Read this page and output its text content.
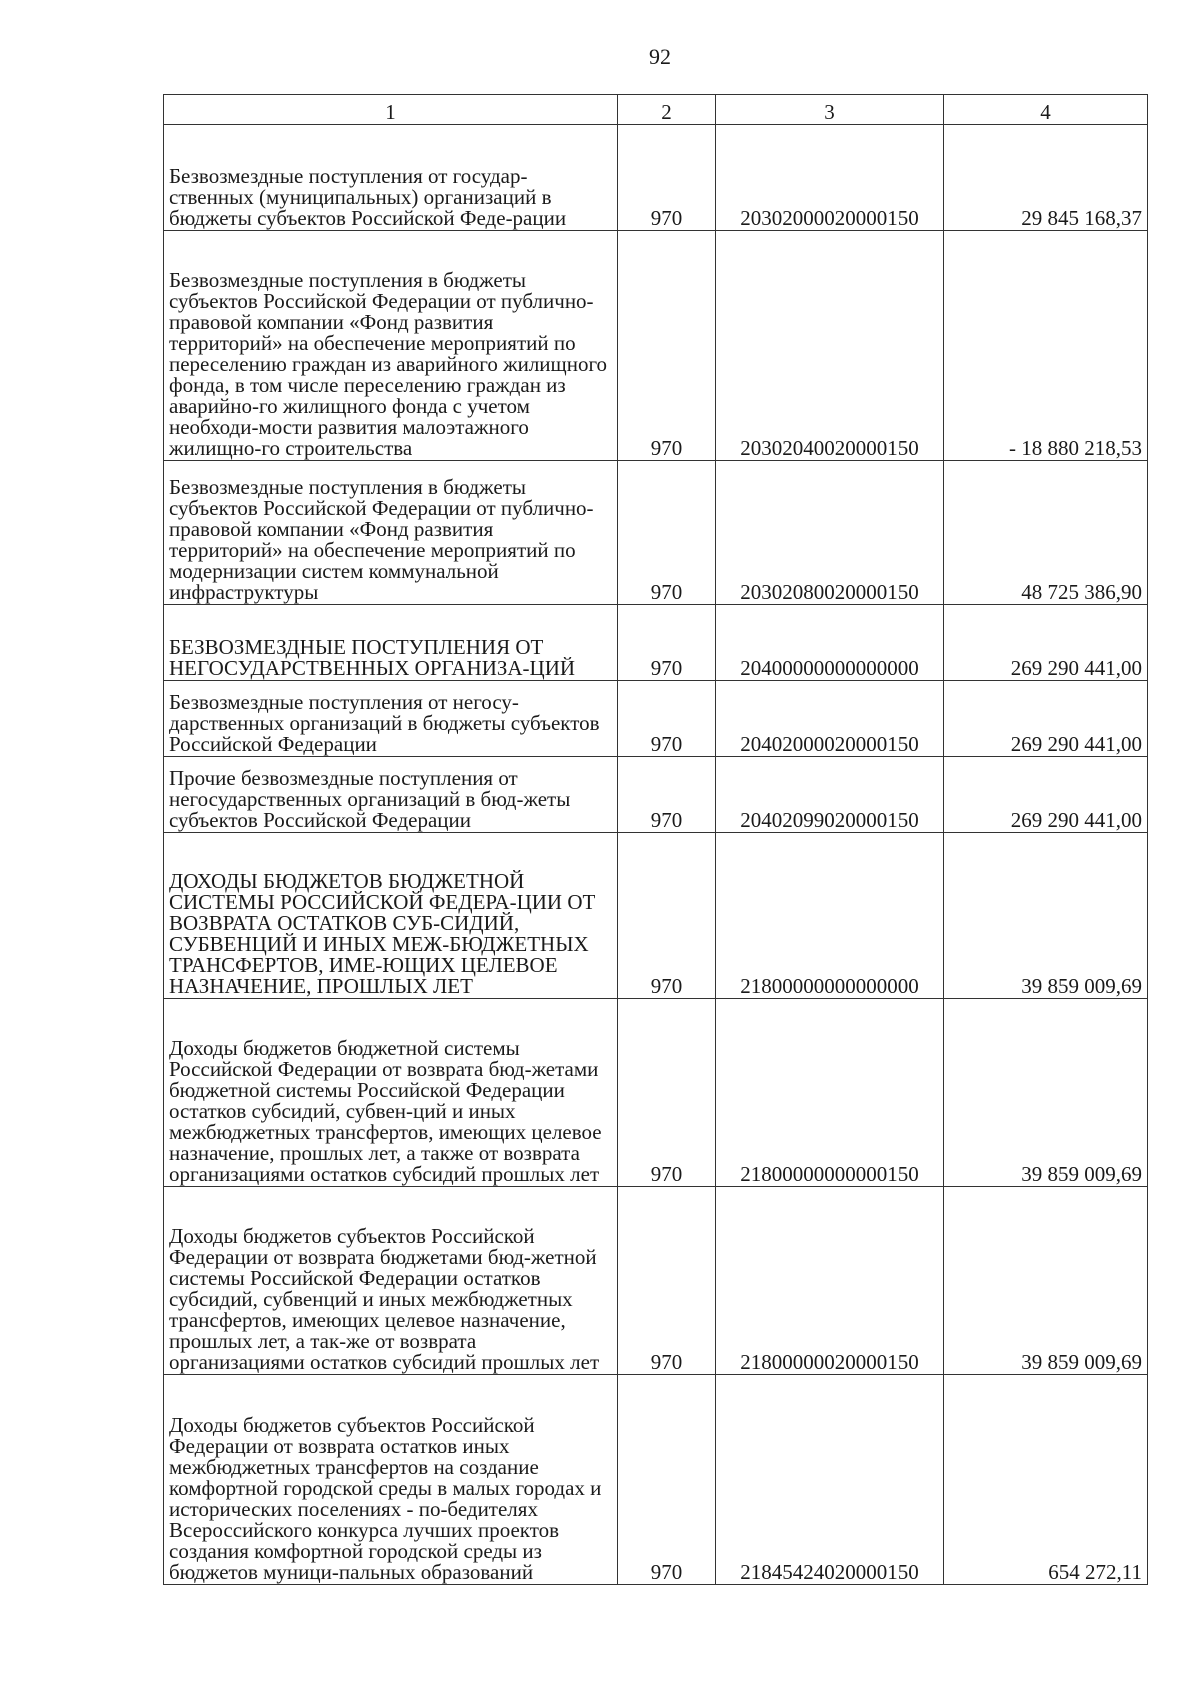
92
1	2	3	4
Безвозмездные поступления от государ-ственных (муниципальных) организаций в бюджеты субъектов Российской Феде-рации	970	20302000020000150	29 845 168,37
Безвозмездные поступления в бюджеты субъектов Российской Федерации от публично-правовой компании «Фонд развития территорий» на обеспечение мероприятий по переселению граждан из аварийного жилищного фонда, в том числе переселению граждан из аварийно-го жилищного фонда с учетом необходи-мости развития малоэтажного жилищно-го строительства	970	20302040020000150	- 18 880 218,53
Безвозмездные поступления в бюджеты субъектов Российской Федерации от публично-правовой компании «Фонд развития территорий» на обеспечение мероприятий по модернизации систем коммунальной инфраструктуры	970	20302080020000150	48 725 386,90
БЕЗВОЗМЕЗДНЫЕ ПОСТУПЛЕНИЯ ОТ НЕГОСУДАРСТВЕННЫХ ОРГАНИЗА-ЦИЙ	970	20400000000000000	269 290 441,00
Безвозмездные поступления от негосу-дарственных организаций в бюджеты субъектов Российской Федерации	970	20402000020000150	269 290 441,00
Прочие безвозмездные поступления от негосударственных организаций в бюд-жеты субъектов Российской Федерации	970	20402099020000150	269 290 441,00
ДОХОДЫ БЮДЖЕТОВ БЮДЖЕТНОЙ СИСТЕМЫ РОССИЙСКОЙ ФЕДЕРА-ЦИИ ОТ ВОЗВРАТА ОСТАТКОВ СУБ-СИДИЙ, СУБВЕНЦИЙ И ИНЫХ МЕЖ-БЮДЖЕТНЫХ ТРАНСФЕРТОВ, ИМЕ-ЮЩИХ ЦЕЛЕВОЕ НАЗНАЧЕНИЕ, ПРОШЛЫХ ЛЕТ	970	21800000000000000	39 859 009,69
Доходы бюджетов бюджетной системы Российской Федерации от возврата бюд-жетами бюджетной системы Российской Федерации остатков субсидий, субвен-ций и иных межбюджетных трансфертов, имеющих целевое назначение, прошлых лет, а также от возврата организациями остатков субсидий прошлых лет	970	21800000000000150	39 859 009,69
Доходы бюджетов субъектов Российской Федерации от возврата бюджетами бюд-жетной системы Российской Федерации остатков субсидий, субвенций и иных межбюджетных трансфертов, имеющих целевое назначение, прошлых лет, а так-же от возврата организациями остатков субсидий прошлых лет	970	21800000020000150	39 859 009,69
Доходы бюджетов субъектов Российской Федерации от возврата остатков иных межбюджетных трансфертов на создание комфортной городской среды в малых городах и исторических поселениях - по-бедителях Всероссийского конкурса лучших проектов создания комфортной городской среды из бюджетов муници-пальных образований	970	21845424020000150	654 272,11
